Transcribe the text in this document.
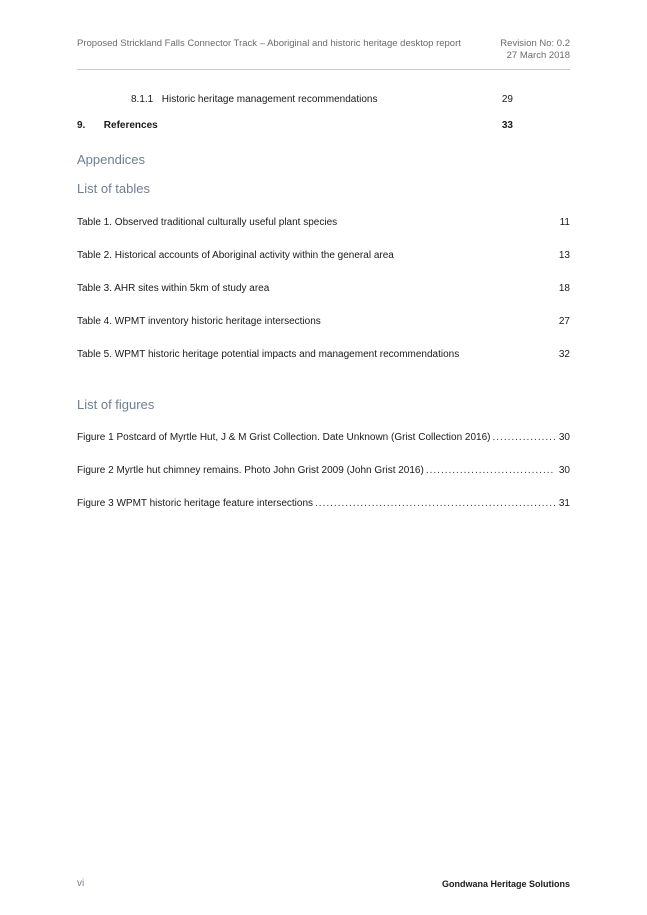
Proposed Strickland Falls Connector Track – Aboriginal and historic heritage desktop report	Revision No: 0.2
27 March 2018
8.1.1 Historic heritage management recommendations	29
9. References	33
Appendices
List of tables
Table 1. Observed traditional culturally useful plant species	11
Table 2. Historical accounts of Aboriginal activity within the general area	13
Table 3. AHR sites within 5km of study area	18
Table 4. WPMT inventory historic heritage intersections	27
Table 5. WPMT historic heritage potential impacts and management recommendations	32
List of figures
Figure 1 Postcard of Myrtle Hut, J & M Grist Collection. Date Unknown (Grist Collection 2016) .....	30
Figure 2 Myrtle hut chimney remains. Photo John Grist 2009 (John Grist 2016) .....	30
Figure 3 WPMT historic heritage feature intersections .....	31
vi	Gondwana Heritage Solutions
